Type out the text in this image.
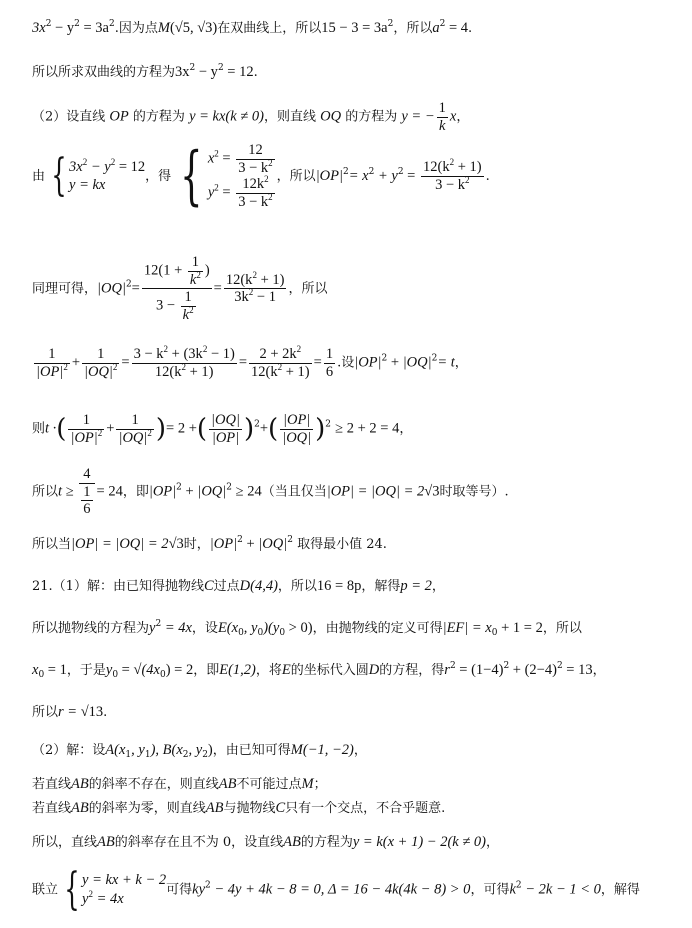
$3x^2 - y^2 = 3a^2$.因为点M(√5, √3)在双曲线上，所以$15 - 3 = 3a^2$，所以$a^2 = 4$.
所以所求双曲线的方程为$3x^2 - y^2 = 12$.
（2）设直线 OP 的方程为 y = kx(k ≠ 0)，则直线 OQ 的方程为 y = − $\frac{1}{k}$ x，
由 { $3x^2 - y^2 = 12$
y = kx
，得 { $x^2 = \frac{12}{3 - k^2}$
$y^2 = \frac{12k^2}{3 - k^2}$ ，所以$|OP|^2= x^2 + y^2 = \frac{12(k^2 + 1)}{3 - k^2}$ .
同理可得，$|OQ|^2= \frac{12(1 + \frac{1}{k^2} )}{3 - \frac{1}{k^2}} = \frac{12(k^2 + 1)}{3k^2 - 1}$ ，所以
$\frac{1}{|OP|^2} + \frac{1}{|OQ|^2} = \frac{3 - k^2 + (3k^2 - 1)}{12(k^2 + 1)} = \frac{2 + 2k^2}{12(k^2 + 1)} = \frac{1}{6}$ .设$|OP|^2 + |OQ|^2= t$，
则t ·( $\frac{1}{|OP|^2} + \frac{1}{|OQ|^2}$ )= 2 +( $\frac{|OQ|}{|OP|} )^2+( \frac{|OP|}{|OQ|} )^2 \ge 2 + 2 = 4$，
所以$t \ge \frac{4}{\frac{1}{6}} = 24$，即$|OP|^2 + |OQ|^2 \ge 24$（当且仅当|OP| = |OQ| = 2√3时取等号）.
所以当|OP| = |OQ| = 2√3时，$|OP|^2 + |OQ|^2$ 取得最小值 24.
21.（1）解：由已知得抛物线C过点D(4,4)，所以16 = 8p，解得p = 2，
所以抛物线的方程为$y^2 = 4x$，设$E(x_0$, $y_0)(y_0 > 0)$，由抛物线的定义可得$|EF| = x_0 + 1 = 2$，所以
$x_0 = 1$，于是$y_0 = √(4x_0) = 2$，即E(1,2)，将E的坐标代入圆D的方程，得$r^2 = (1-4)^2 + (2-4)^2 = 13$，
所以r = √13.
（2）解：设$A(x_1$, $y_1$), $B(x_2$, $y_2$)，由已知可得M(−1, −2)，
若直线AB的斜率不存在，则直线AB不可能过点M；
若直线AB的斜率为零，则直线AB与抛物线C只有一个交点，不合乎题意.
所以，直线AB的斜率存在且不为 0，设直线AB的方程为y = k(x + 1) − 2(k ≠ 0)，
联立 { y = kx + k − 2
$y^2 = 4x$
可得$ky^2 - 4y + 4k - 8 = 0$, Δ = 16 − 4k(4k − 8) > 0，可得$k^2 - 2k - 1 < 0$，解得
